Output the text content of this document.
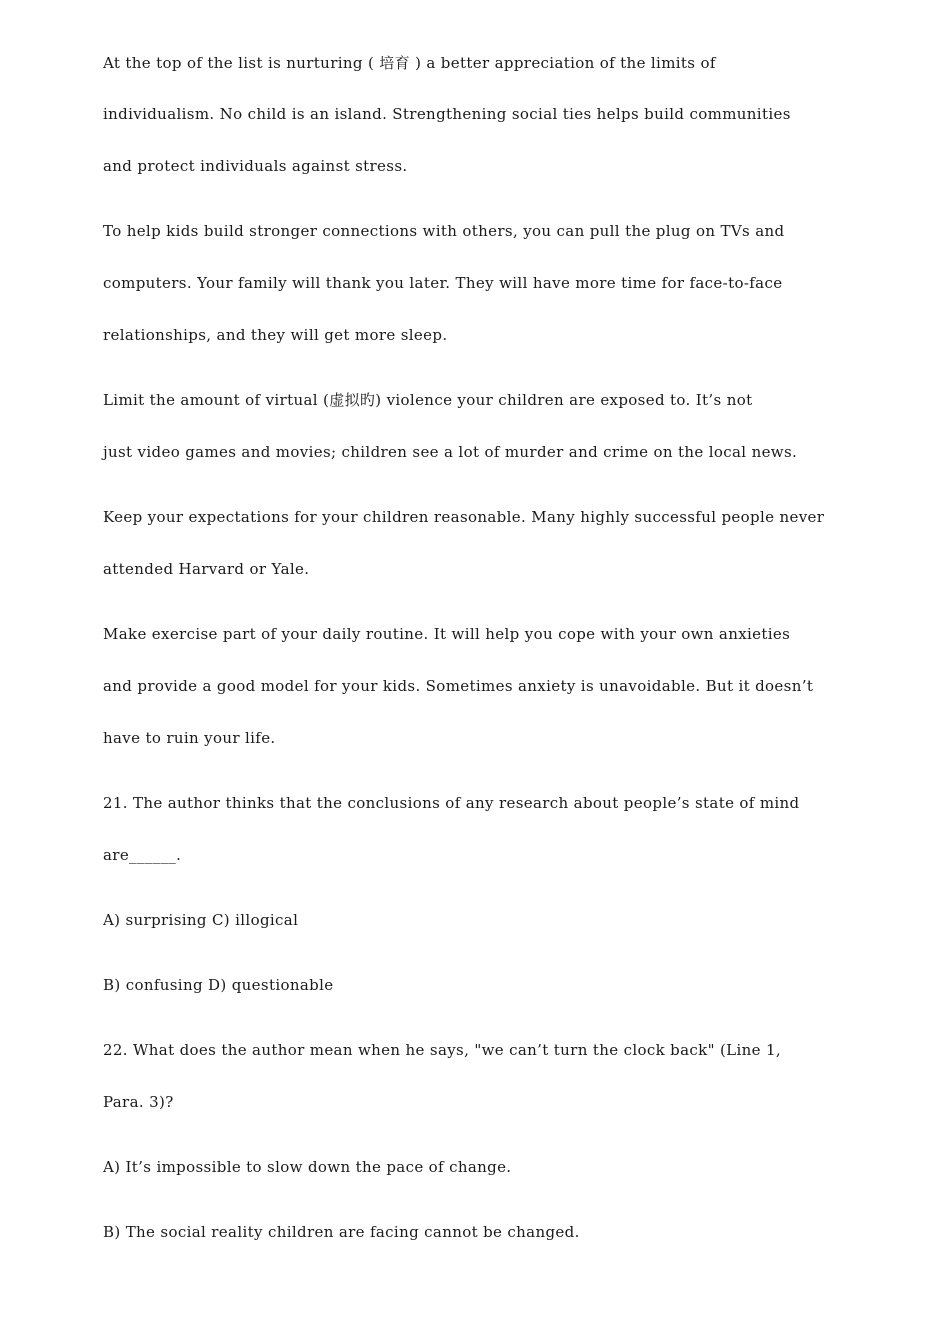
At the top of the list is nurturing ( 培育 ) a better appreciation of the limits of

individualism. No child is an island. Strengthening social ties helps build communities

and protect individuals against stress.

To help kids build stronger connections with others, you can pull the plug on TVs and

computers. Your family will thank you later. They will have more time for face-to-face

relationships, and they will get more sleep.

Limit the amount of virtual (虚拟旳) violence your children are exposed to. It’s not

just video games and movies; children see a lot of murder and crime on the local news.

Keep your expectations for your children reasonable. Many highly successful people never

attended Harvard or Yale.

Make exercise part of your daily routine. It will help you cope with your own anxieties

and provide a good model for your kids. Sometimes anxiety is unavoidable. But it doesn’t

have to ruin your life.

21. The author thinks that the conclusions of any research about people’s state of mind

are______.

A) surprising C) illogical

B) confusing D) questionable

22. What does the author mean when he says, "we can’t turn the clock back" (Line 1,

Para. 3)?

A) It’s impossible to slow down the pace of change.

B) The social reality children are facing cannot be changed.
